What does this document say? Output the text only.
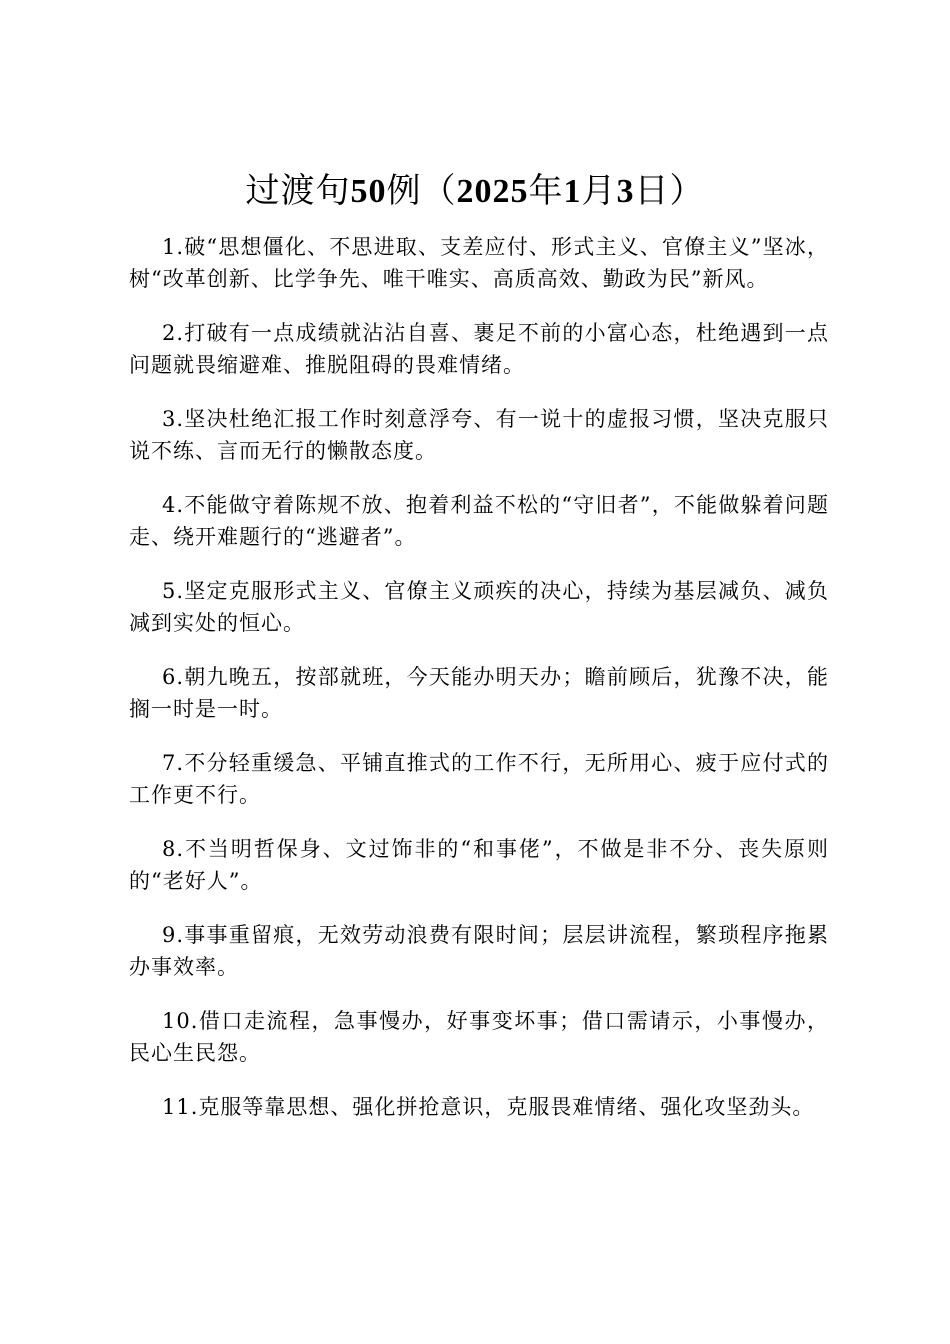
过渡句50例（2025年1月3日）

1.破“思想僵化、不思进取、支差应付、形式主义、官僚主义”坚冰，树“改革创新、比学争先、唯干唯实、高质高效、勤政为民”新风。

2.打破有一点成绩就沾沾自喜、裹足不前的小富心态，杜绝遇到一点问题就畏缩避难、推脱阻碍的畏难情绪。

3.坚决杜绝汇报工作时刻意浮夸、有一说十的虚报习惯，坚决克服只说不练、言而无行的懒散态度。

4.不能做守着陈规不放、抱着利益不松的“守旧者”，不能做躲着问题走、绕开难题行的“逃避者”。

5.坚定克服形式主义、官僚主义顽疾的决心，持续为基层减负、减负减到实处的恒心。

6.朝九晚五，按部就班，今天能办明天办；瞻前顾后，犹豫不决，能搁一时是一时。

7.不分轻重缓急、平铺直推式的工作不行，无所用心、疲于应付式的工作更不行。

8.不当明哲保身、文过饰非的“和事佬”，不做是非不分、丧失原则的“老好人”。

9.事事重留痕，无效劳动浪费有限时间；层层讲流程，繁琐程序拖累办事效率。

10.借口走流程，急事慢办，好事变坏事；借口需请示，小事慢办，民心生民怨。

11.克服等靠思想、强化拼抢意识，克服畏难情绪、强化攻坚劲头。
